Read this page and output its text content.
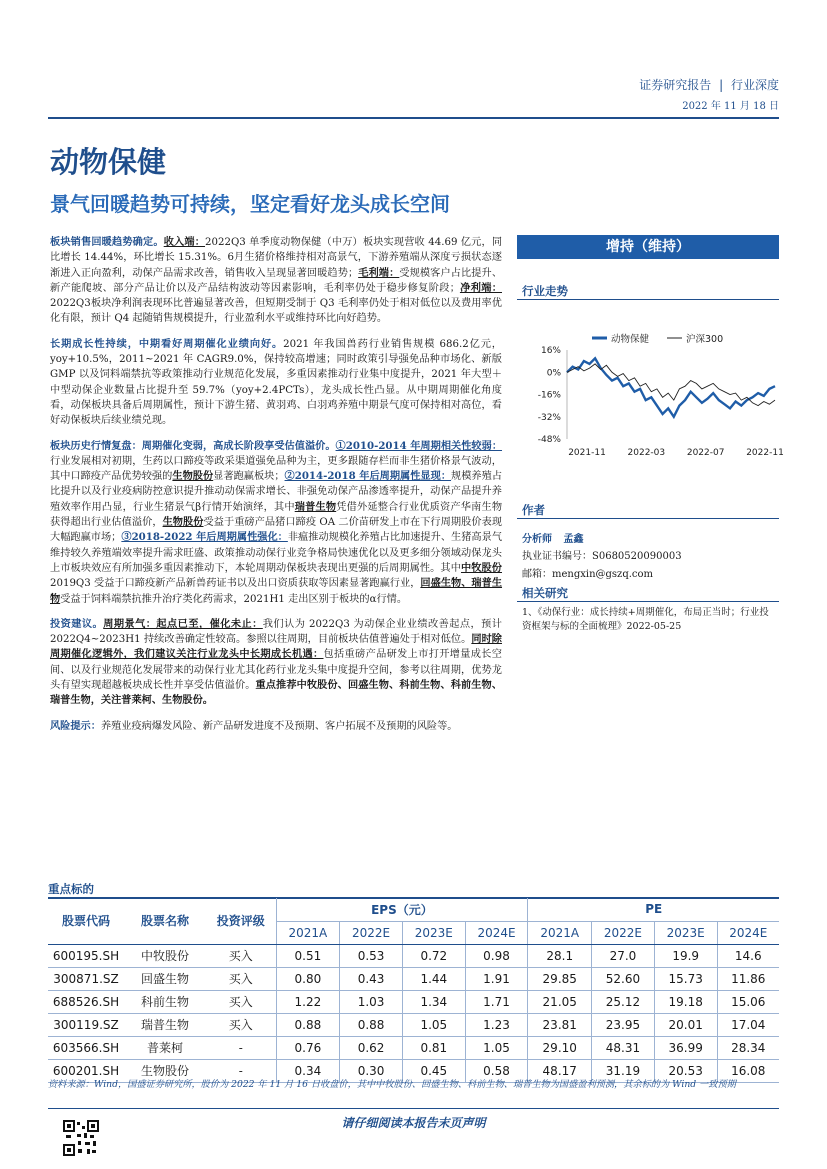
证券研究报告 | 行业深度
2022 年 11 月 18 日
动物保健
景气回暖趋势可持续，坚定看好龙头成长空间

板块销售回暖趋势确定。收入端：2022Q3 单季度动物保健（中万）板块实现营收 44.69 亿元，同比增长 14.44%，环比增长 15.31%。6月生猪价格维持相对高景气，下游养殖端从深度亏损状态逐渐进入正向盈利，动保产品需求改善，销售收入呈现显著回暖趋势；毛利端：受规模客户占比提升、新产能爬坡、部分产品让价以及产品结构波动等因素影响，毛利率仍处于稳步修复阶段；净利端：2022Q3板块净利润表现环比普遍显著改善，但短期受制于 Q3 毛利率仍处于相对低位以及费用率优化有限，预计 Q4 起随销售规模提升，行业盈利水平或维持环比向好趋势。

长期成长性持续，中期看好周期催化业绩向好。2021 年我国兽药行业销售规模 686.2亿元，yoy+10.5%，2011~2021 年 CAGR9.0%，保持较高增速；同时政策引导强免品种市场化、新版 GMP 以及饲料端禁抗等政策推动行业规范化发展，多重因素推动行业集中度提升，2021 年大型＋中型动保企业数量占比提升至 59.7%（yoy+2.4PCTs），龙头成长性凸显。从中期周期催化角度看，动保板块具备后周期属性，预计下游生猪、黄羽鸡、白羽鸡养殖中期景气度可保持相对高位，看好动保板块后续业绩兑现。

板块历史行情复盘：周期催化变弱，高成长阶段享受估值溢价。①2010-2014 年周期相关性较弱：行业发展相对初期，生药以口蹄疫等政采渠道强免品种为主，更多跟随存栏而非生猪价格景气波动，其中口蹄疫产品优势较强的生物股份显著跑赢板块；②2014-2018 年后周期属性显现：规模养殖占比提升以及行业疫病防控意识提升推动动保需求增长、非强免动保产品渗透率提升，动保产品提升养殖效率作用凸显，行业生猪景气β行情开始演绎，其中瑞普生物凭借外延整合行业优质资产华南生物获得超出行业估值溢价，生物股份受益于重磅产品猪口蹄疫 OA 二价苗研发上市在下行周期股价表现大幅跑赢市场；③2018-2022 年后周期属性强化：非瘟推动规模化养殖占比加速提升、生猪高景气维持较久养殖端效率提升需求旺盛、政策推动动保行业竞争格局快速优化以及更多细分领域动保龙头上市板块效应有所加强多重因素推动下，本轮周期动保板块表现出更强的后周期属性。其中中牧股份2019Q3 受益于口蹄疫新产品新兽药证书以及出口资质获取等因素显著跑赢行业，回盛生物、瑞普生物受益于饲料端禁抗推升治疗类化药需求，2021H1 走出区别于板块的α行情。

投资建议。周期景气：起点已至，催化未止：我们认为 2022Q3 为动保企业业绩改善起点，预计 2022Q4~2023H1 持续改善确定性较高。参照以往周期，目前板块估值普遍处于相对低位。同时除周期催化逻辑外，我们建议关注行业龙头中长期成长机遇：包括重磅产品研发上市打开增量成长空间、以及行业规范化发展带来的动保行业尤其化药行业龙头集中度提升空间，参考以往周期，优势龙头有望实现超越板块成长性并享受估值溢价。重点推荐中牧股份、回盛生物、科前生物、科前生物、瑞普生物，关注普莱柯、生物股份。

风险提示：养殖业疫病爆发风险、新产品研发进度不及预期、客户拓展不及预期的风险等。

增持（维持）
行业走势
动物保健	沪深300
16%
0%
-16%
-32%
-48%
2021-11 2022-03 2022-07 2022-11
作者
分析师 孟鑫
执业证书编号：S0680520090003
邮箱：mengxin@gszq.com
相关研究
1、《动保行业：成长持续+周期催化，布局正当时；行业投资框架与标的全面梳理》2022-05-25
重点标的
股票代码	股票名称	投资评级	EPS（元）				PE			
			2021A	2022E	2023E	2024E	2021A	2022E	2023E	2024E
600195.SH	中牧股份	买入	0.51	0.53	0.72	0.98	28.1	27.0	19.9	14.6
300871.SZ	回盛生物	买入	0.80	0.43	1.44	1.91	29.85	52.60	15.73	11.86
688526.SH	科前生物	买入	1.22	1.03	1.34	1.71	21.05	25.12	19.18	15.06
300119.SZ	瑞普生物	买入	0.88	0.88	1.05	1.23	23.81	23.95	20.01	17.04
603566.SH	普莱柯	-	0.76	0.62	0.81	1.05	29.10	48.31	36.99	28.34
600201.SH	生物股份	-	0.34	0.30	0.45	0.58	48.17	31.19	20.53	16.08
资料来源：Wind，国盛证券研究所，股价为 2022 年 11 月 16 日收盘价，其中中牧股份、回盛生物、科前生物、瑞普生物为国盛盈利预测，其余标的为 Wind 一致预期
请仔细阅读本报告末页声明
